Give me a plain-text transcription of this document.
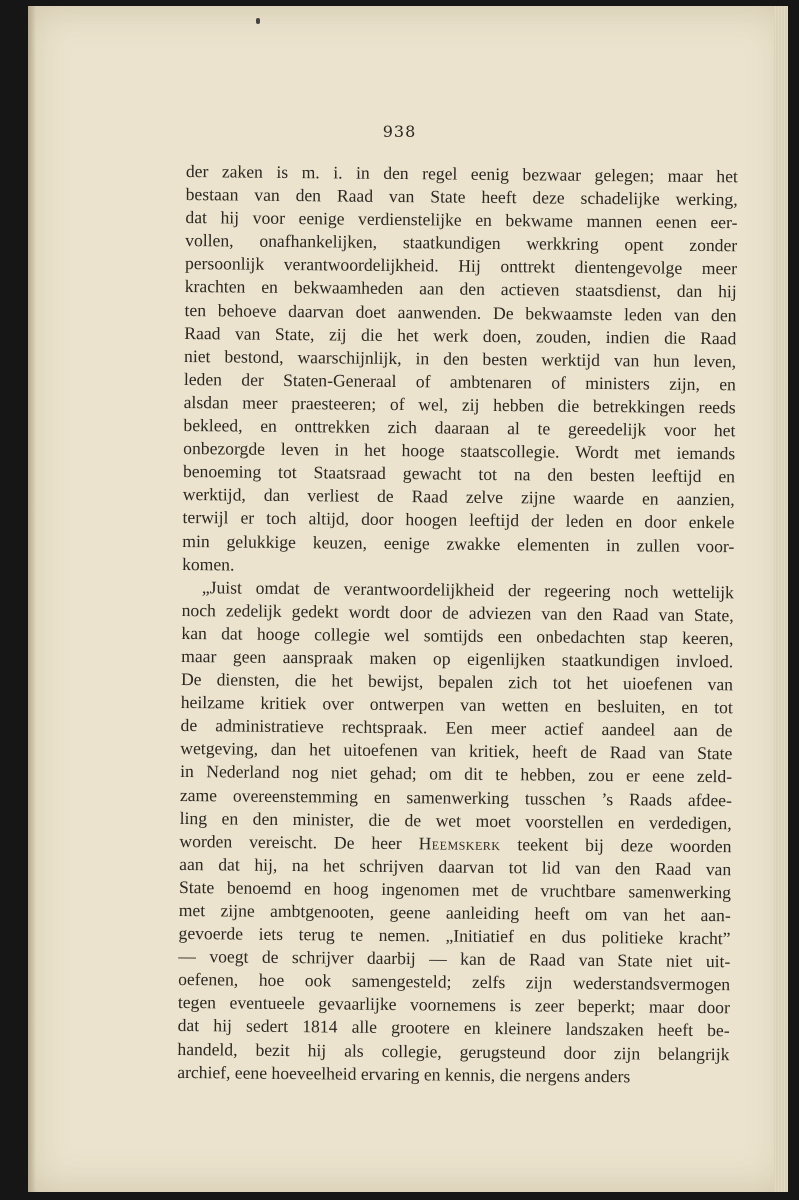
938
der zaken is m. i. in den regel eenig bezwaar gelegen; maar het
bestaan van den Raad van State heeft deze schadelijke werking,
dat hij voor eenige verdienstelijke en bekwame mannen eenen eer-
vollen, onafhankelijken, staatkundigen werkkring opent zonder
persoonlijk verantwoordelijkheid. Hij onttrekt dientengevolge meer
krachten en bekwaamheden aan den actieven staatsdienst, dan hij
ten behoeve daarvan doet aanwenden. De bekwaamste leden van den
Raad van State, zij die het werk doen, zouden, indien die Raad
niet bestond, waarschijnlijk, in den besten werktijd van hun leven,
leden der Staten-Generaal of ambtenaren of ministers zijn, en
alsdan meer praesteeren; of wel, zij hebben die betrekkingen reeds
bekleed, en onttrekken zich daaraan al te gereedelijk voor het
onbezorgde leven in het hooge staatscollegie. Wordt met iemands
benoeming tot Staatsraad gewacht tot na den besten leeftijd en
werktijd, dan verliest de Raad zelve zijne waarde en aanzien,
terwijl er toch altijd, door hoogen leeftijd der leden en door enkele
min gelukkige keuzen, eenige zwakke elementen in zullen voor-
komen.
„Juist omdat de verantwoordelijkheid der regeering noch wettelijk
noch zedelijk gedekt wordt door de adviezen van den Raad van State,
kan dat hooge collegie wel somtijds een onbedachten stap keeren,
maar geen aanspraak maken op eigenlijken staatkundigen invloed.
De diensten, die het bewijst, bepalen zich tot het uioefenen van
heilzame kritiek over ontwerpen van wetten en besluiten, en tot
de administratieve rechtspraak. Een meer actief aandeel aan de
wetgeving, dan het uitoefenen van kritiek, heeft de Raad van State
in Nederland nog niet gehad; om dit te hebben, zou er eene zeld-
zame overeenstemming en samenwerking tusschen ’s Raads afdee-
ling en den minister, die de wet moet voorstellen en verdedigen,
worden vereischt. De heer Heemskerk teekent bij deze woorden
aan dat hij, na het schrijven daarvan tot lid van den Raad van
State benoemd en hoog ingenomen met de vruchtbare samenwerking
met zijne ambtgenooten, geene aanleiding heeft om van het aan-
gevoerde iets terug te nemen. „Initiatief en dus politieke kracht”
— voegt de schrijver daarbij — kan de Raad van State niet uit-
oefenen, hoe ook samengesteld; zelfs zijn wederstandsvermogen
tegen eventueele gevaarlijke voornemens is zeer beperkt; maar door
dat hij sedert 1814 alle grootere en kleinere landszaken heeft be-
handeld, bezit hij als collegie, gerugsteund door zijn belangrijk
archief, eene hoeveelheid ervaring en kennis, die nergens anders
